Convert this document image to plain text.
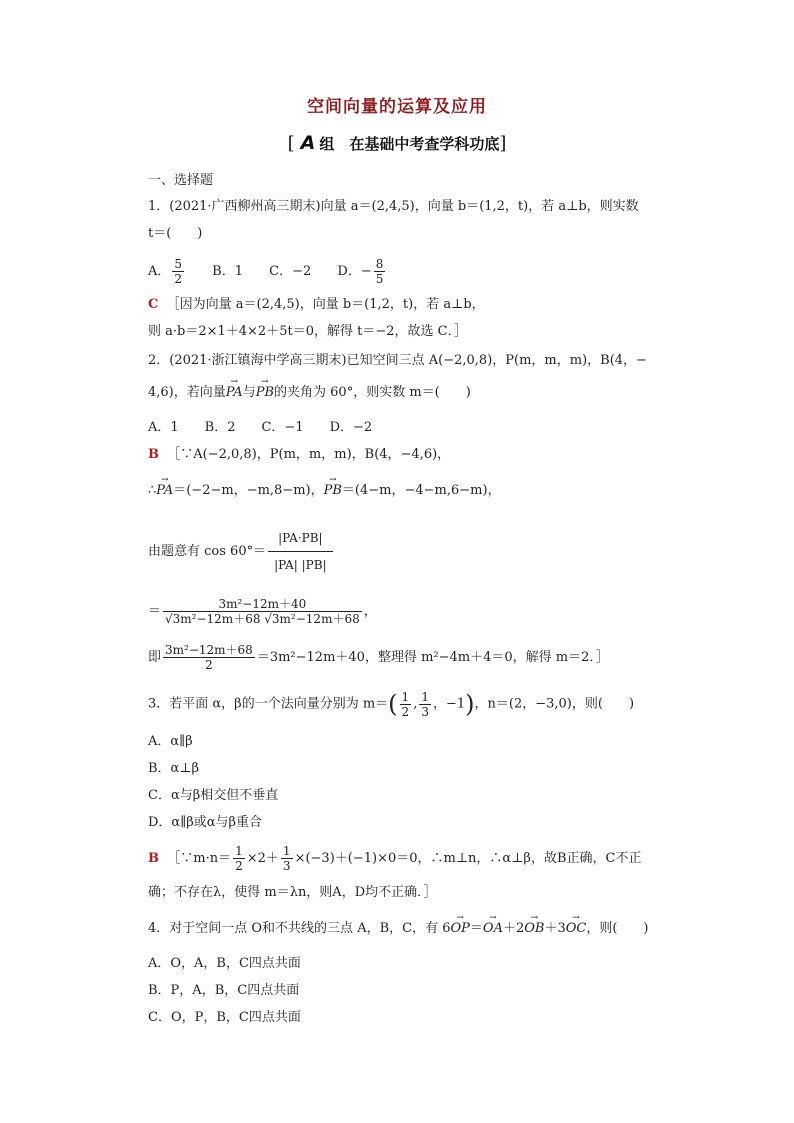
空间向量的运算及应用
[ A 组　在基础中考查学科功底]
一、选择题
1．(2021·广西柳州高三期末)向量 a＝(2,4,5)，向量 b＝(1,2，t)，若 a⊥b，则实数
t＝(　　)
A． $\frac{5}{2}$ B．1 C．−2 D．− $\frac{8}{5}$
C ［因为向量 a＝(2,4,5)，向量 b＝(1,2，t)，若 a⊥b，
则 a·b＝2×1＋4×2＋5t＝0，解得 t＝−2，故选 C．］
2．(2021·浙江镇海中学高三期末)已知空间三点 A(−2,0,8)，P(m，m，m)，B(4，−
4,6)，若向量→ PA与→ PB的夹角为 60°，则实数 m＝(　　)
A．1　　B．2　　C．−1　　D．−2
B ［∵A(−2,0,8)，P(m，m，m)，B(4，−4,6)，
∴→ PA＝(−2−m，−m,8−m)，→ PB＝(4−m，−4−m,6−m)，
由题意有 $\cos 60^\circ= \frac{|PA\cdot PB|}{|PA| |PB|}$
＝ $\frac{\text{3m²−12m＋40}}{\text{√3m²−12m＋68 √3m²−12m＋68}}$ ，
即 $\frac{\text{3m²−12m＋68}}{2} =3m^2-12m+40$，整理得 m²−4m＋4＝0，解得 m＝2．］
3．若平面 α，β的一个法向量分别为 $m=( \frac{1}{2}$ , $\frac{1}{3}$ ，−1)，n＝(2，−3,0)，则(　　)
A．α∥β
B．α⊥β
C．α与β相交但不垂直
D．α∥β或α与β重合
B ［∵m·n＝ $\frac{1}{2} \times 2+ \frac{1}{3} \times(-3)+(-1)\times 0=0$，∴m⊥n，∴α⊥β，故B正确，C不正
确；不存在λ，使得 m＝λn，则A，D均不正确．］
4．对于空间一点 O和不共线的三点 A，B，C，有 6→ OP＝→ OA＋2→ OB＋3→ OC，则(　　)
A．O，A，B，C四点共面
B．P，A，B，C四点共面
C．O，P，B，C四点共面
